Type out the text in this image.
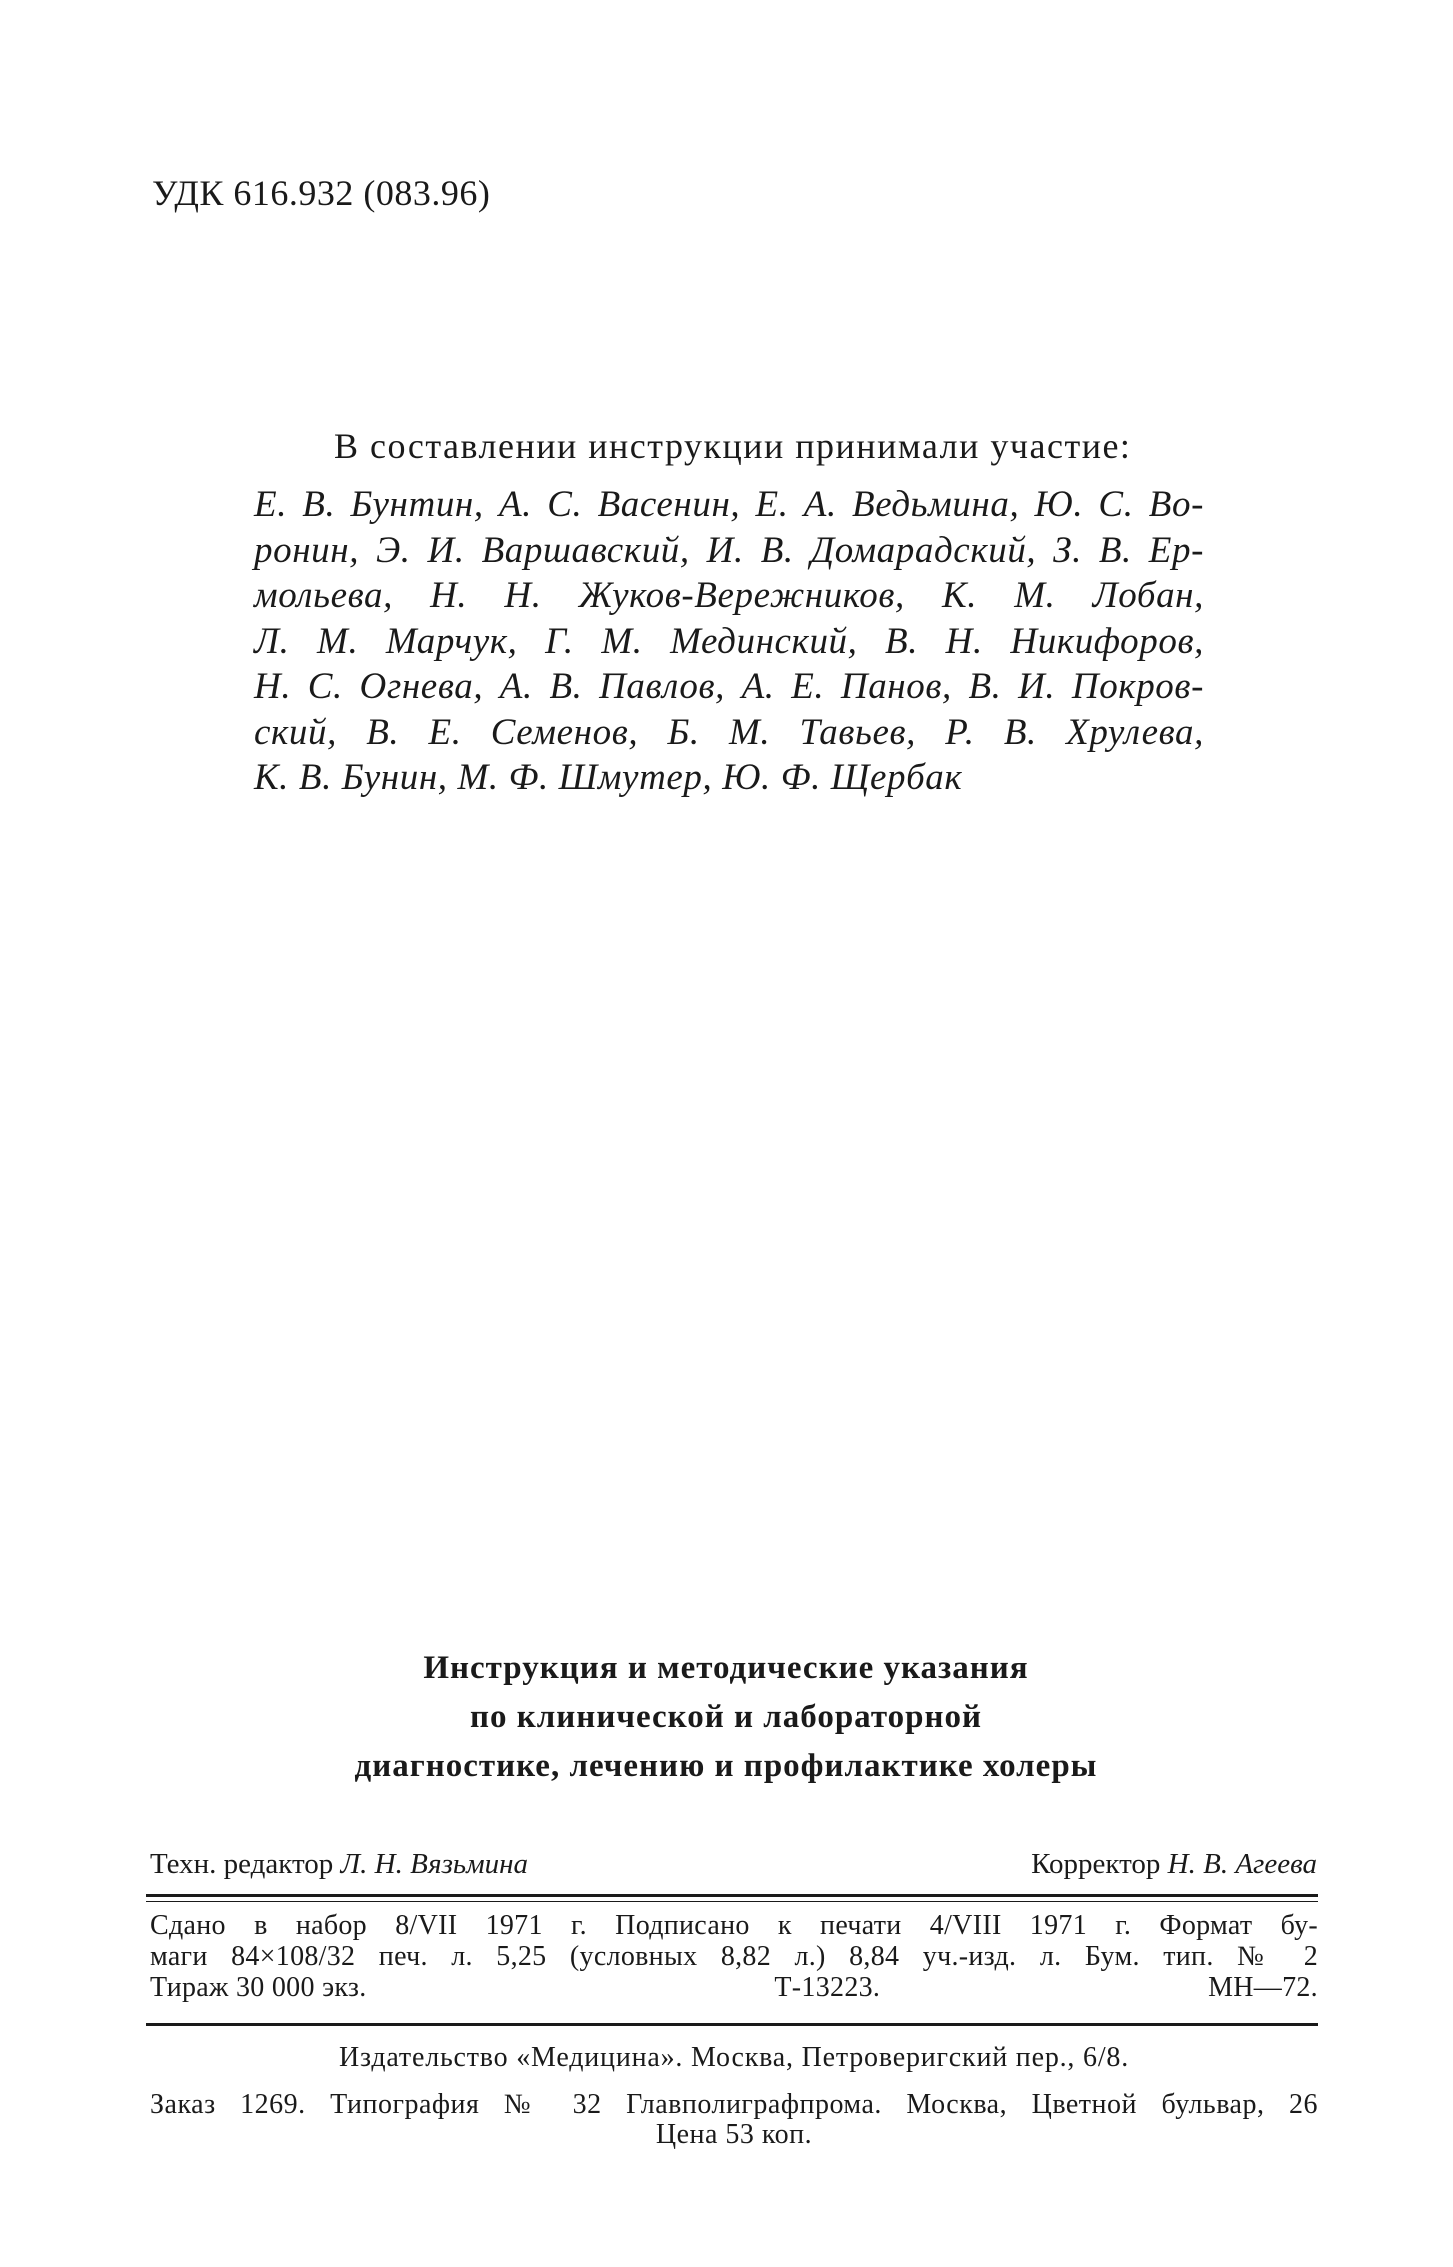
УДК 616.932 (083.96)
В составлении инструкции принимали участие:
Е. В. Бунтин, А. С. Васенин, Е. А. Ведьмина, Ю. С. Во-
ронин, Э. И. Варшавский, И. В. Домарадский, З. В. Ер-
мольева, Н. Н. Жуков-Вережников, К. М. Лобан,
Л. М. Марчук, Г. М. Мединский, В. Н. Никифоров,
Н. С. Огнева, А. В. Павлов, А. Е. Панов, В. И. Покров-
ский, В. Е. Семенов, Б. М. Тавьев, Р. В. Хрулева,
К. В. Бунин, М. Ф. Шмутер, Ю. Ф. Щербак
Инструкция и методические указания
по клинической и лабораторной
диагностике, лечению и профилактике холеры
Техн. редактор Л. Н. Вязьмина	Корректор Н. В. Агеева
Сдано в набор 8/VII 1971 г. Подписано к печати 4/VIII 1971 г. Формат бу-
маги 84×108/32 печ. л. 5,25 (условных 8,82 л.) 8,84 уч.-изд. л. Бум. тип. № 2
Тираж 30 000 экз.	Т-13223.	МН—72.
Издательство «Медицина». Москва, Петроверигский пер., 6/8.
Заказ 1269. Типография № 32 Главполиграфпрома. Москва, Цветной бульвар, 26
Цена 53 коп.
